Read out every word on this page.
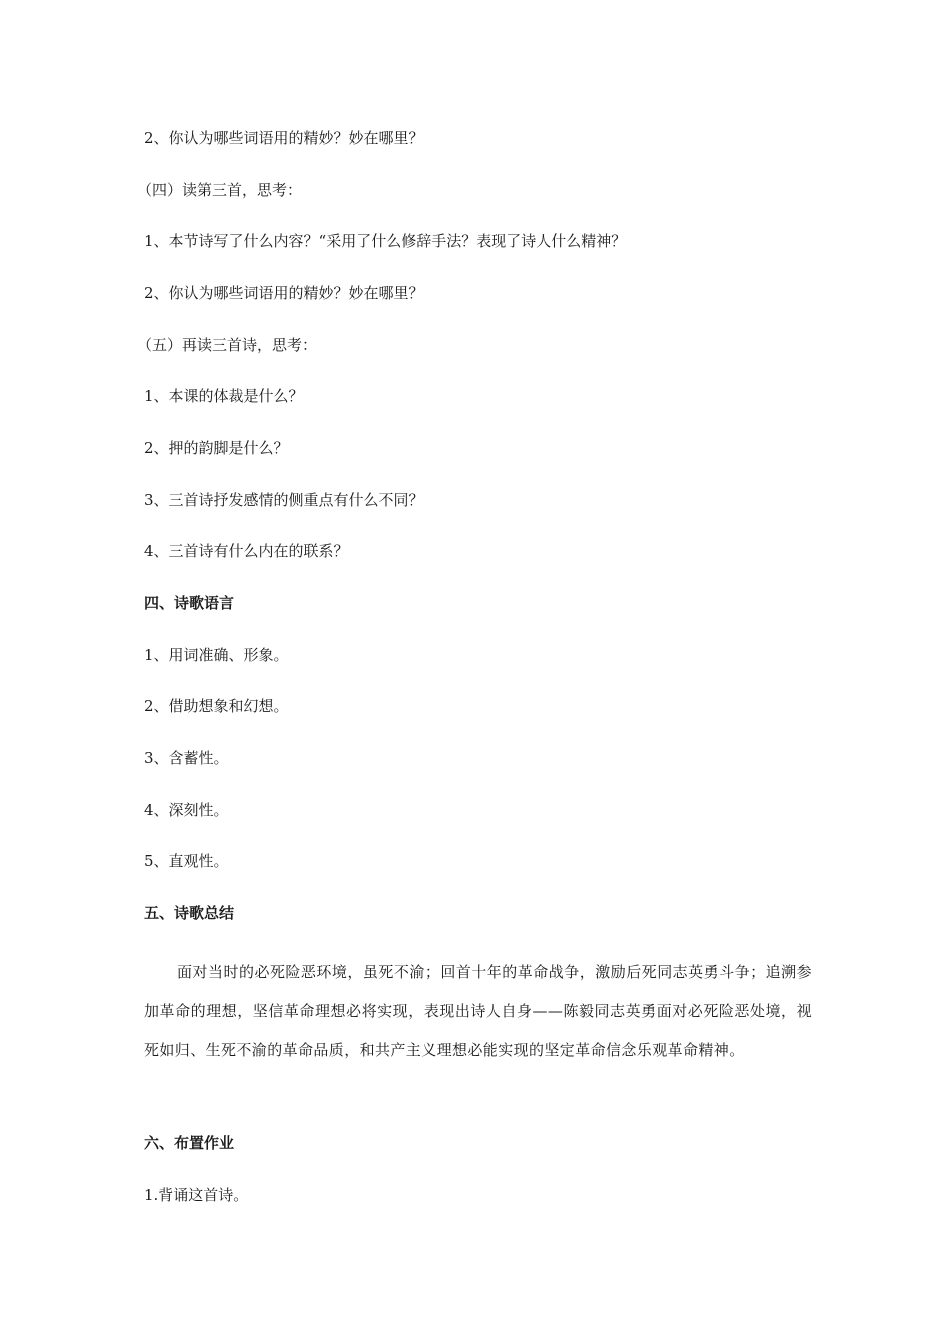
2、你认为哪些词语用的精妙？妙在哪里？
（四）读第三首，思考：
1、本节诗写了什么内容？“采用了什么修辞手法？表现了诗人什么精神？
2、你认为哪些词语用的精妙？妙在哪里？
（五）再读三首诗，思考：
1、本课的体裁是什么？
2、押的韵脚是什么？
3、三首诗抒发感情的侧重点有什么不同？
4、三首诗有什么内在的联系？
四、诗歌语言
1、用词准确、形象。
2、借助想象和幻想。
3、含蓄性。
4、深刻性。
5、直观性。
五、诗歌总结
面对当时的必死险恶环境，虽死不渝；回首十年的革命战争，激励后死同志英勇斗争；追溯参加革命的理想，坚信革命理想必将实现，表现出诗人自身——陈毅同志英勇面对必死险恶处境，视死如归、生死不渝的革命品质，和共产主义理想必能实现的坚定革命信念乐观革命精神。
六、布置作业
1.背诵这首诗。
